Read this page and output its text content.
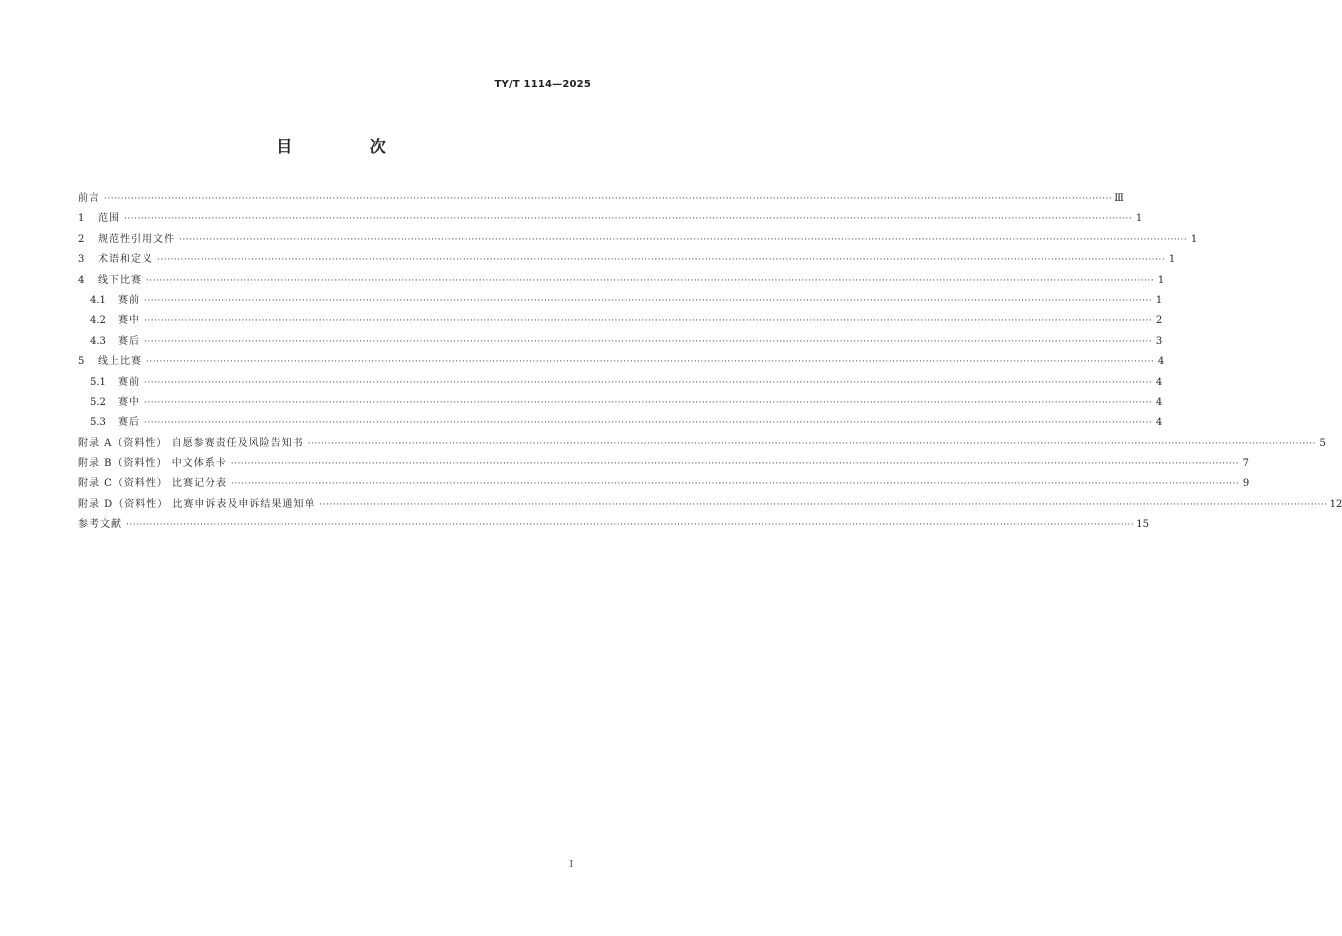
TY/T 1114—2025
目 次
前言 ············································································································································································································································································································ Ⅲ
1	范围 ············································································································································································································································································································ 1
2	规范性引用文件 ············································································································································································································································································································ 1
3	术语和定义 ············································································································································································································································································································ 1
4	线下比赛 ············································································································································································································································································································ 1
4.1	赛前 ············································································································································································································································································································ 1
4.2	赛中 ············································································································································································································································································································ 2
4.3	赛后 ············································································································································································································································································································ 3
5	线上比赛 ············································································································································································································································································································ 4
5.1	赛前 ············································································································································································································································································································ 4
5.2	赛中 ············································································································································································································································································································ 4
5.3	赛后 ············································································································································································································································································································ 4
附录 A（资料性） 自愿参赛责任及风险告知书 ············································································································································································································································································································ 5
附录 B（资料性） 中文体系卡 ············································································································································································································································································································ 7
附录 C（资料性） 比赛记分表 ············································································································································································································································································································ 9
附录 D（资料性） 比赛申诉表及申诉结果通知单 ············································································································································································································································································································ 12
参考文献 ············································································································································································································································································································ 15
I
